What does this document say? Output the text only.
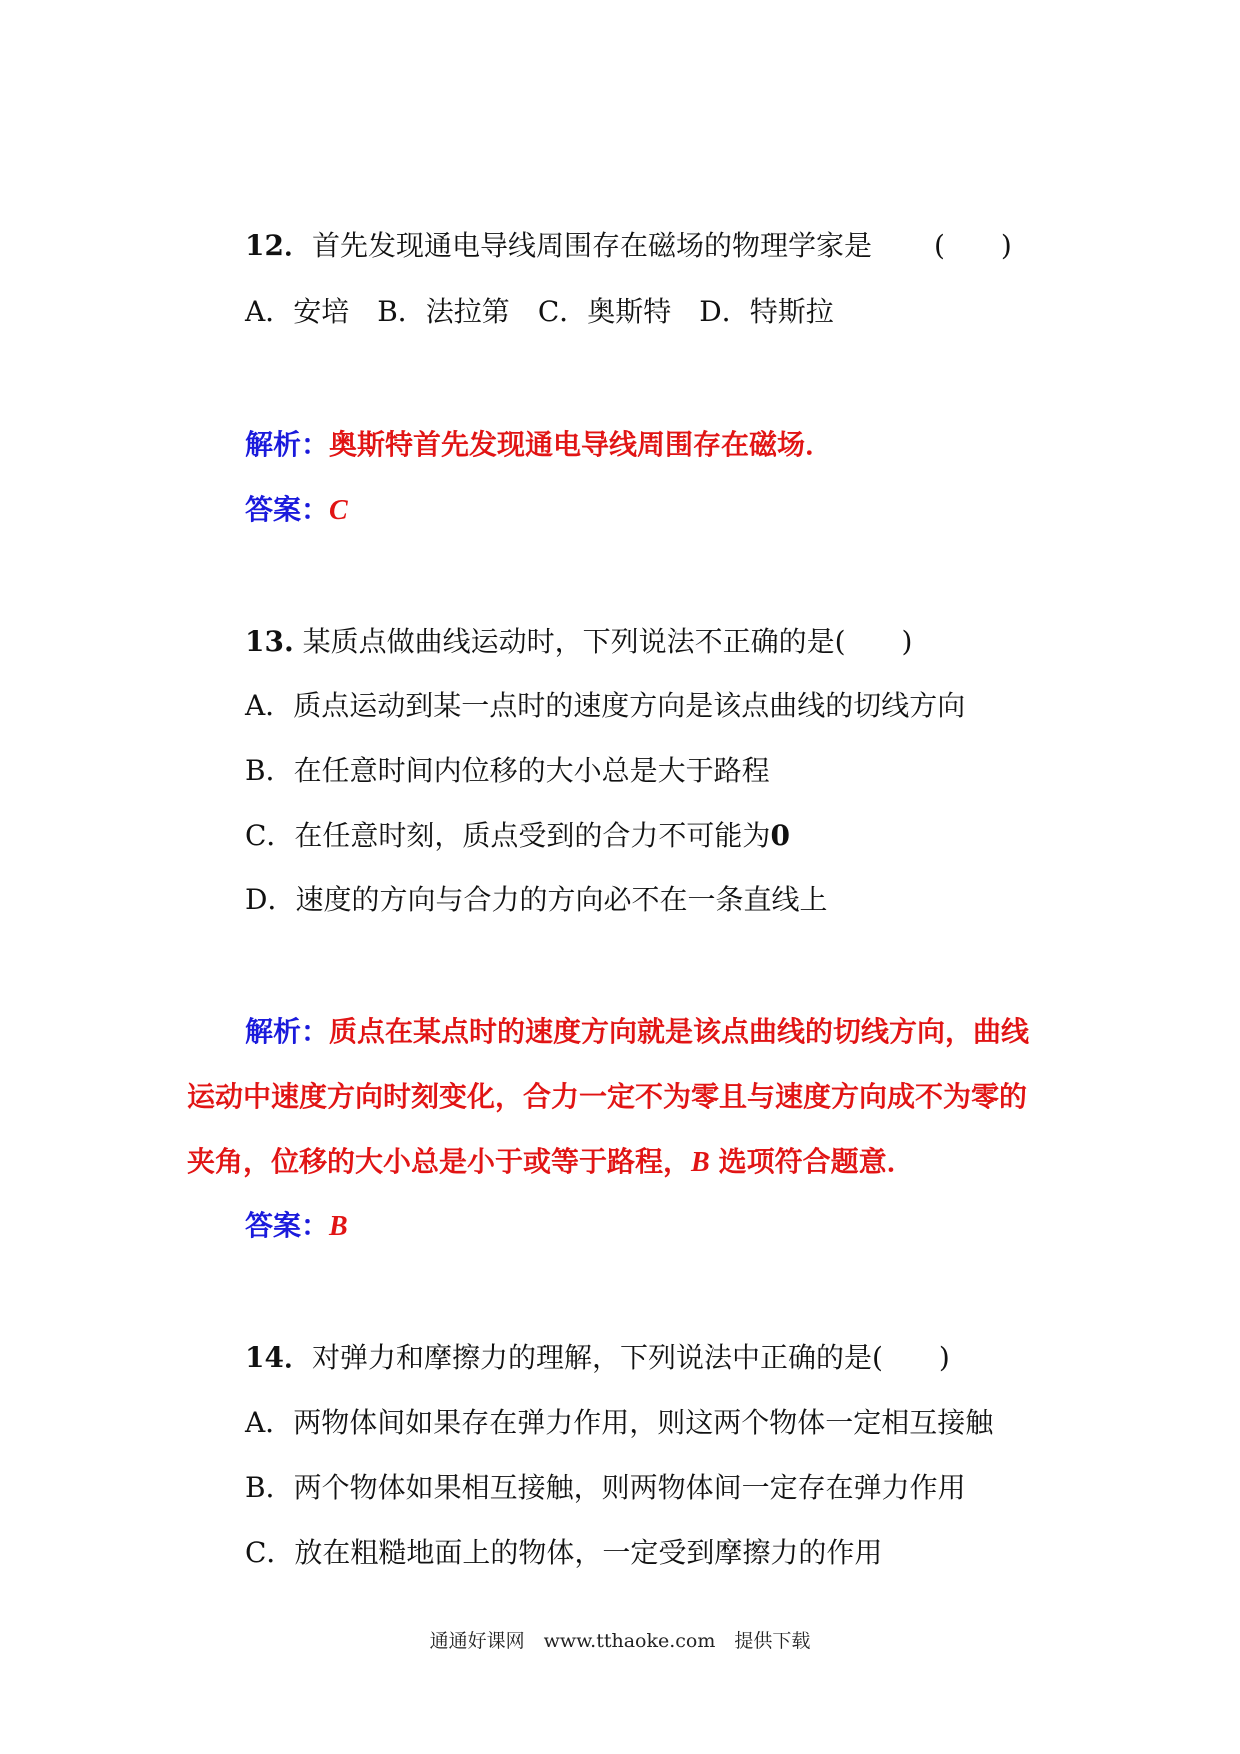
12．首先发现通电导线周围存在磁场的物理学家是 (　　)
A．安培 B．法拉第 C．奥斯特 D．特斯拉
解析：奥斯特首先发现通电导线周围存在磁场．
答案：C
13. 某质点做曲线运动时，下列说法不正确的是(　　)
A．质点运动到某一点时的速度方向是该点曲线的切线方向
B．在任意时间内位移的大小总是大于路程
C．在任意时刻，质点受到的合力不可能为0
D．速度的方向与合力的方向必不在一条直线上
解析：质点在某点时的速度方向就是该点曲线的切线方向，曲线
运动中速度方向时刻变化，合力一定不为零且与速度方向成不为零的
夹角，位移的大小总是小于或等于路程，B 选项符合题意．
答案：B
14．对弹力和摩擦力的理解，下列说法中正确的是(　　)
A．两物体间如果存在弹力作用，则这两个物体一定相互接触
B．两个物体如果相互接触，则两物体间一定存在弹力作用
C．放在粗糙地面上的物体，一定受到摩擦力的作用
通通好课网　www.tthaoke.com　提供下载
